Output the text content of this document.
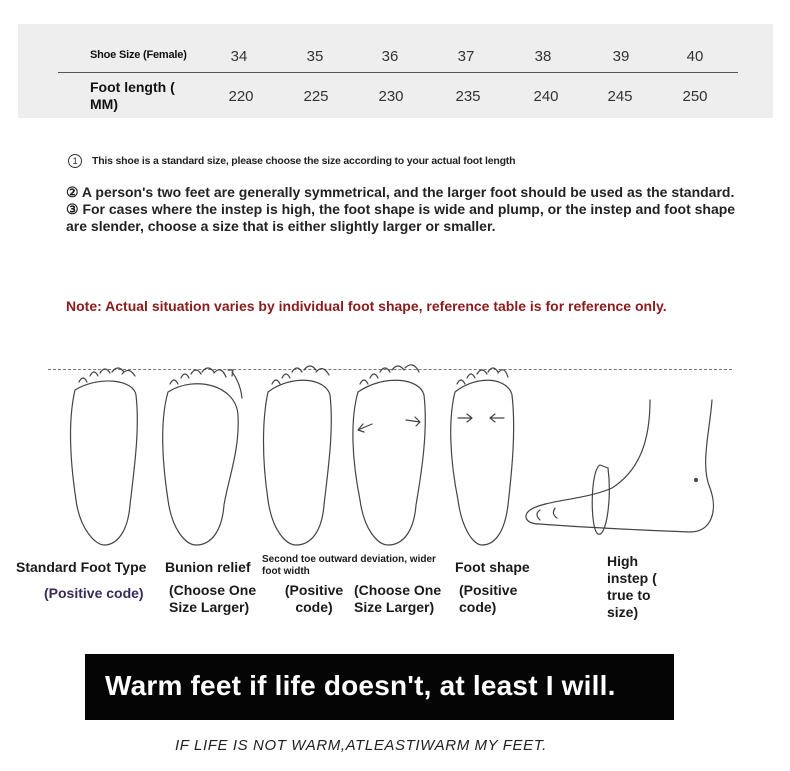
Shoe Size (Female)	34	35	36	37	38	39	40
Foot length ( MM)	220	225	230	235	240	245	250
1 This shoe is a standard size, please choose the size according to your actual foot length
② A person's two feet are generally symmetrical, and the larger foot should be used as the standard. ③ For cases where the instep is high, the foot shape is wide and plump, or the instep and foot shape are slender, choose a size that is either slightly larger or smaller.
Note: Actual situation varies by individual foot shape, reference table is for reference only.
Standard Foot Type
(Positive code)
Bunion relief
(Choose One Size Larger)
Second toe outward deviation, wider foot width
(Positive code)
Foot shape
(Choose One Size Larger)
(Positive code)
High instep ( true to size)
Warm feet if life doesn't, at least I will.
IF LIFE IS NOT WARM,ATLEASTIWARM MY FEET.
